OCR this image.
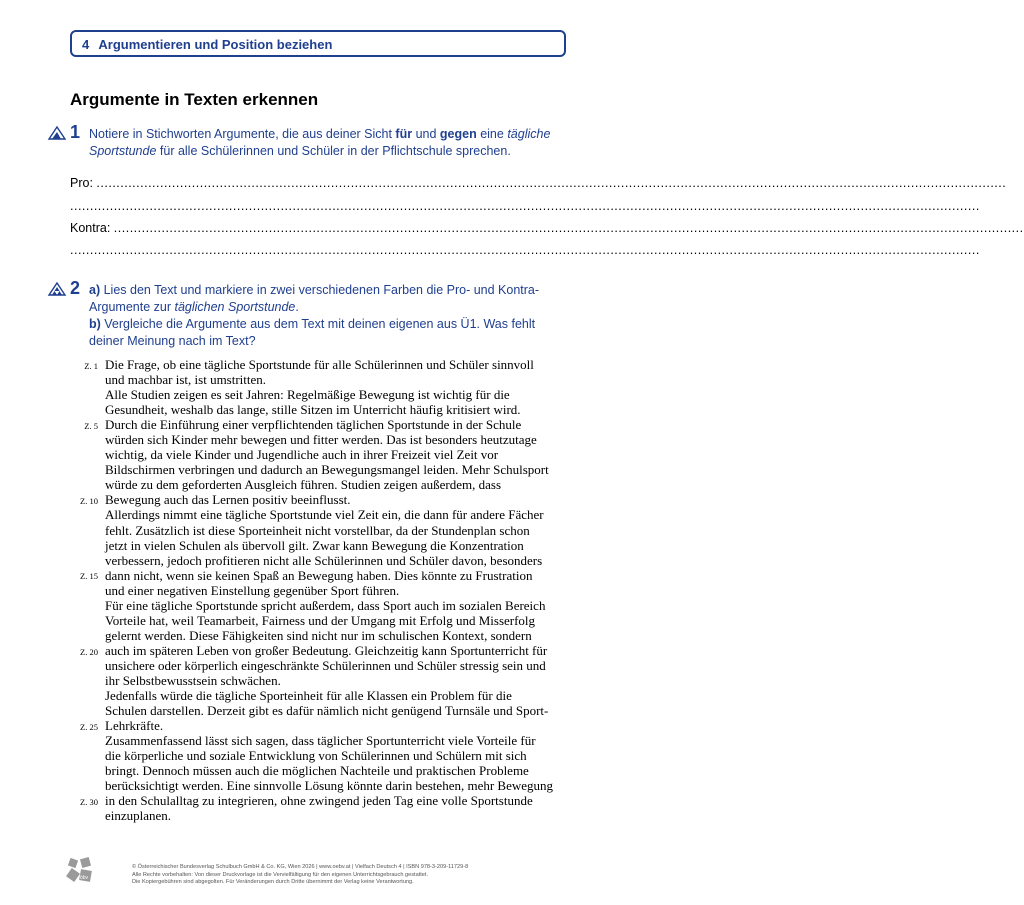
4 Argumentieren und Position beziehen
Argumente in Texten erkennen
1 Notiere in Stichworten Argumente, die aus deiner Sicht für und gegen eine tägliche
Sportstunde für alle Schülerinnen und Schüler in der Pflichtschule sprechen.
Pro: .....................................................................................................................................................................................................................................
.....................................................................................................................................................................................................................................
Kontra: .....................................................................................................................................................................................................................................
.....................................................................................................................................................................................................................................
2 a) Lies den Text und markiere in zwei verschiedenen Farben die Pro- und Kontra-
Argumente zur täglichen Sportstunde.
b) Vergleiche die Argumente aus dem Text mit deinen eigenen aus Ü1. Was fehlt
deiner Meinung nach im Text?
Z. 1
Z. 5
Z. 10
Z. 15
Z. 20
Z. 25
Z. 30
Die Frage, ob eine tägliche Sportstunde für alle Schülerinnen und Schüler sinnvoll
und machbar ist, ist umstritten.
Alle Studien zeigen es seit Jahren: Regelmäßige Bewegung ist wichtig für die
Gesundheit, weshalb das lange, stille Sitzen im Unterricht häufig kritisiert wird.
Durch die Einführung einer verpflichtenden täglichen Sportstunde in der Schule
würden sich Kinder mehr bewegen und fitter werden. Das ist besonders heutzutage
wichtig, da viele Kinder und Jugendliche auch in ihrer Freizeit viel Zeit vor
Bildschirmen verbringen und dadurch an Bewegungsmangel leiden. Mehr Schulsport
würde zu dem geforderten Ausgleich führen. Studien zeigen außerdem, dass
Bewegung auch das Lernen positiv beeinflusst.
Allerdings nimmt eine tägliche Sportstunde viel Zeit ein, die dann für andere Fächer
fehlt. Zusätzlich ist diese Sporteinheit nicht vorstellbar, da der Stundenplan schon
jetzt in vielen Schulen als übervoll gilt. Zwar kann Bewegung die Konzentration
verbessern, jedoch profitieren nicht alle Schülerinnen und Schüler davon, besonders
dann nicht, wenn sie keinen Spaß an Bewegung haben. Dies könnte zu Frustration
und einer negativen Einstellung gegenüber Sport führen.
Für eine tägliche Sportstunde spricht außerdem, dass Sport auch im sozialen Bereich
Vorteile hat, weil Teamarbeit, Fairness und der Umgang mit Erfolg und Misserfolg
gelernt werden. Diese Fähigkeiten sind nicht nur im schulischen Kontext, sondern
auch im späteren Leben von großer Bedeutung. Gleichzeitig kann Sportunterricht für
unsichere oder körperlich eingeschränkte Schülerinnen und Schüler stressig sein und
ihr Selbstbewusstsein schwächen.
Jedenfalls würde die tägliche Sporteinheit für alle Klassen ein Problem für die
Schulen darstellen. Derzeit gibt es dafür nämlich nicht genügend Turnsäle und Sport-
Lehrkräfte.
Zusammenfassend lässt sich sagen, dass täglicher Sportunterricht viele Vorteile für
die körperliche und soziale Entwicklung von Schülerinnen und Schülern mit sich
bringt. Dennoch müssen auch die möglichen Nachteile und praktischen Probleme
berücksichtigt werden. Eine sinnvolle Lösung könnte darin bestehen, mehr Bewegung
in den Schulalltag zu integrieren, ohne zwingend jeden Tag eine volle Sportstunde
einzuplanen.
öbv
© Österreichischer Bundesverlag Schulbuch GmbH & Co. KG, Wien 2026 | www.oebv.at | Vielfach Deutsch 4 | ISBN 978-3-209-11729-8
Alle Rechte vorbehalten: Von dieser Druckvorlage ist die Vervielfältigung für den eigenen Unterrichtsgebrauch gestattet.
Die Kopiergebühren sind abgegolten. Für Veränderungen durch Dritte übernimmt der Verlag keine Verantwortung.
